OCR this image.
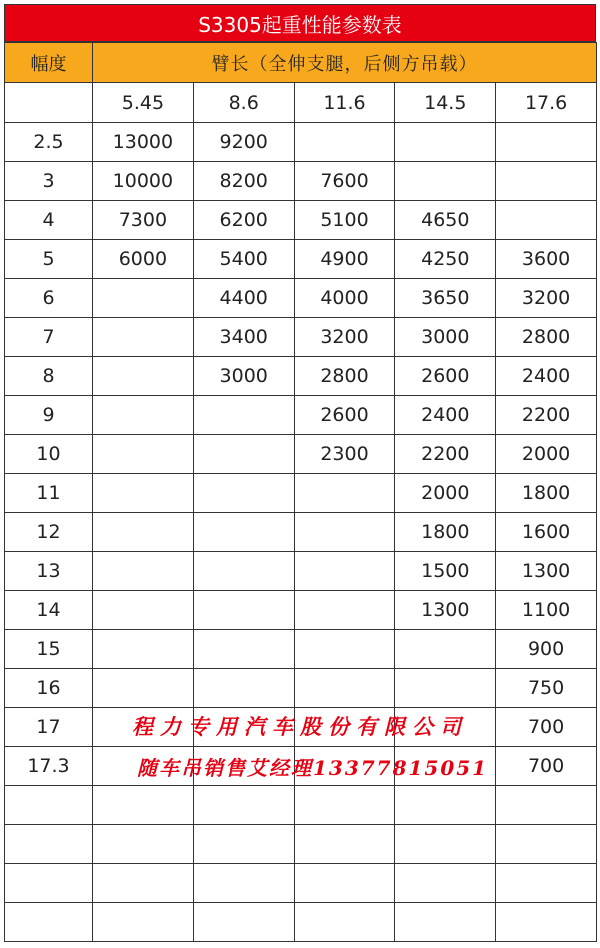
S3305起重性能参数表
幅度	臂长（全伸支腿，后侧方吊载）				
	5.45	8.6	11.6	14.5	17.6
2.5	13000	9200			
3	10000	8200	7600		
4	7300	6200	5100	4650	
5	6000	5400	4900	4250	3600
6		4400	4000	3650	3200
7		3400	3200	3000	2800
8		3000	2800	2600	2400
9			2600	2400	2200
10			2300	2200	2000
11				2000	1800
12				1800	1600
13				1500	1300
14				1300	1100
15					900
16					750
17					700
17.3					700

程力专用汽车股份有限公司
随车吊销售艾经理13377815051
